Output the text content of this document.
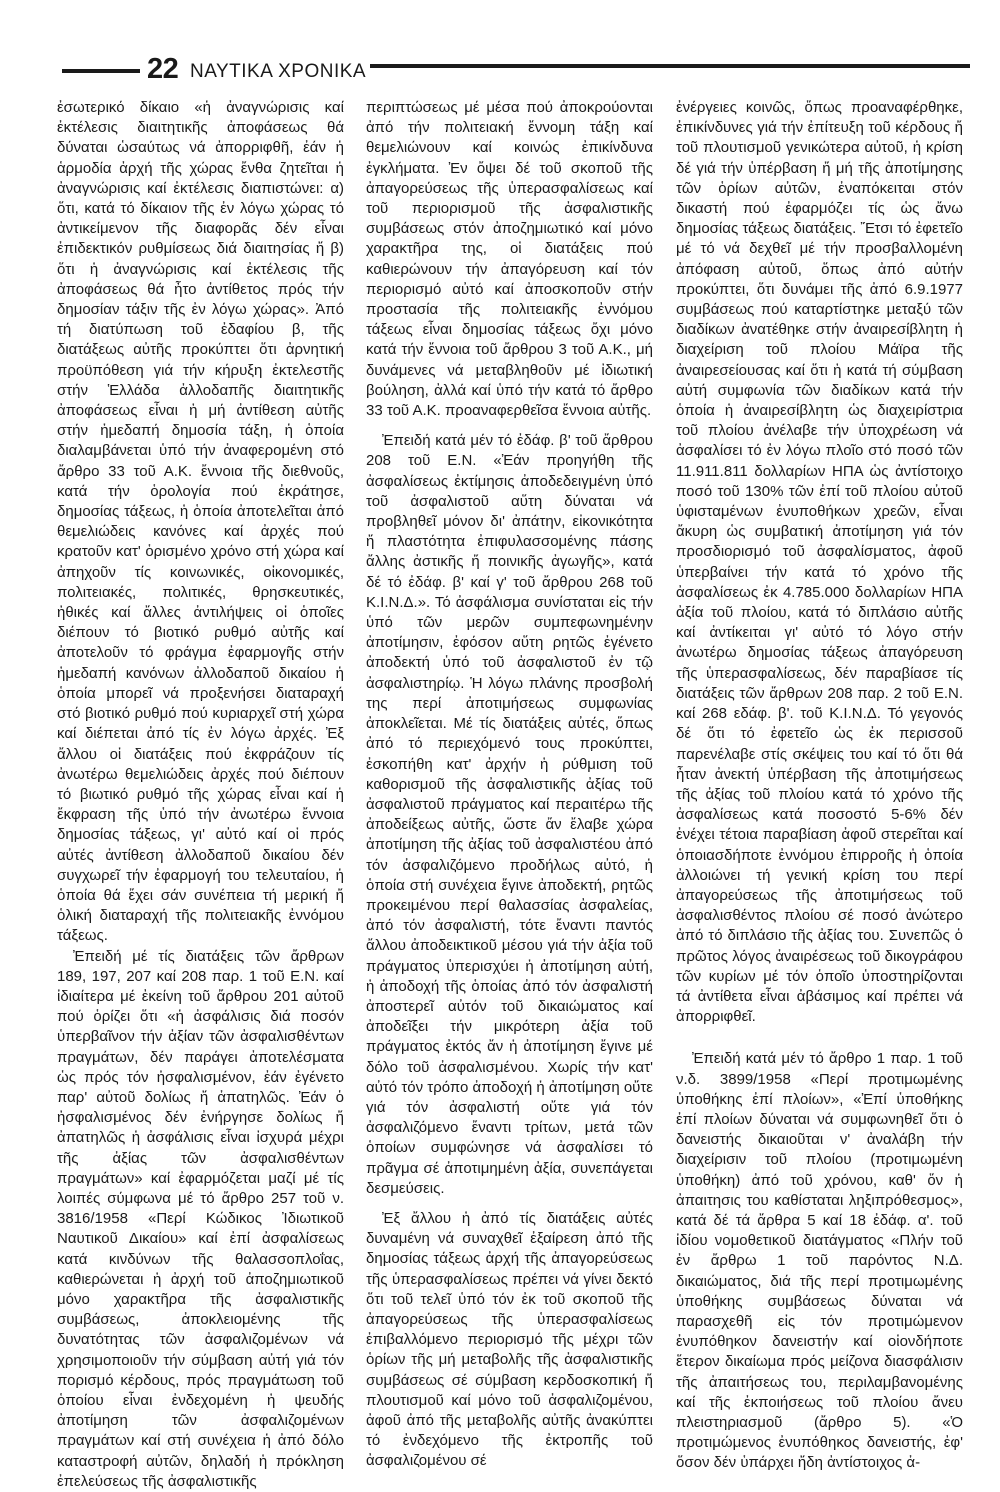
22 ΝΑΥΤΙΚΑ ΧΡΟΝΙΚΑ

ἐσωτερικό δίκαιο «ἡ ἀναγνώρισις καί ἐκτέλεσις διαιτητικῆς ἀποφάσεως θά δύναται ὡσαύτως νά ἀπορριφθῆ, ἐάν ἡ ἁρμοδία ἀρχή τῆς χώρας ἔνθα ζητεῖται ἡ ἀναγνώρισις καί ἐκτέλεσις διαπιστώνει: α) ὅτι, κατά τό δίκαιον τῆς ἐν λόγω χώρας τό ἀντικείμενον τῆς διαφορᾶς δέν εἶναι ἐπιδεκτικόν ρυθμίσεως διά διαιτησίας ἤ β) ὅτι ἡ ἀναγνώρισις καί ἐκτέλεσις τῆς ἀποφάσεως θά ἦτο ἀντίθετος πρός τήν δημοσίαν τάξιν τῆς ἐν λόγω χώρας». Ἀπό τή διατύπωση τοῦ ἐδαφίου β, τῆς διατάξεως αὐτῆς προκύπτει ὅτι ἀρνητική προϋπόθεση γιά τήν κήρυξη ἐκτελεστῆς στήν Ἑλλάδα ἀλλοδαπῆς διαιτητικῆς ἀποφάσεως εἶναι ἡ μή ἀντίθεση αὐτῆς στήν ἡμεδαπή δημοσία τάξη, ἡ ὁποία διαλαμβάνεται ὑπό τήν ἀναφερομένη στό ἄρθρο 33 τοῦ Α.Κ. ἔννοια τῆς διεθνοῦς, κατά τήν ὁρολογία πού ἐκράτησε, δημοσίας τάξεως, ἡ ὁποία ἀποτελεῖται ἀπό θεμελιώδεις κανόνες καί ἀρχές πού κρατοῦν κατ' ὁρισμένο χρόνο στή χώρα καί ἀπηχοῦν τίς κοινωνικές, οἰκονομικές, πολιτειακές, πολιτικές, θρησκευτικές, ἠθικές καί ἄλλες ἀντιλήψεις οἱ ὁποῖες διέπουν τό βιοτικό ρυθμό αὐτῆς καί ἀποτελοῦν τό φράγμα ἐφαρμογῆς στήν ἡμεδαπή κανόνων ἀλλοδαποῦ δικαίου ἡ ὁποία μπορεῖ νά προξενήσει διαταραχή στό βιοτικό ρυθμό πού κυριαρχεῖ στή χώρα καί διέπεται ἀπό τίς ἐν λόγω ἀρχές. Ἐξ ἄλλου οἱ διατάξεις πού ἐκφράζουν τίς ἀνωτέρω θεμελιώδεις ἀρχές πού διέπουν τό βιωτικό ρυθμό τῆς χώρας εἶναι καί ἡ ἔκφραση τῆς ὑπό τήν ἀνωτέρω ἔννοια δημοσίας τάξεως, γι' αὐτό καί οἱ πρός αὐτές ἀντίθεση ἀλλοδαποῦ δικαίου δέν συγχωρεῖ τήν ἐφαρμογή του τελευταίου, ἡ ὁποία θά ἔχει σάν συνέπεια τή μερική ἤ ὁλική διαταραχή τῆς πολιτειακῆς ἐννόμου τάξεως.

Ἐπειδή μέ τίς διατάξεις τῶν ἄρθρων 189, 197, 207 καί 208 παρ. 1 τοῦ Ε.Ν. καί ἰδιαίτερα μέ ἐκείνη τοῦ ἄρθρου 201 αὐτοῦ πού ὁρίζει ὅτι «ἡ ἀσφάλισις διά ποσόν ὑπερβαῖνον τήν ἀξίαν τῶν ἀσφαλισθέντων πραγμάτων, δέν παράγει ἀποτελέσματα ὡς πρός τόν ἠσφαλισμένον, ἐάν ἐγένετο παρ' αὐτοῦ δολίως ἤ ἀπατηλῶς. Ἐάν ὁ ἠσφαλισμένος δέν ἐνήργησε δολίως ἤ ἀπατηλῶς ἡ ἀσφάλισις εἶναι ἰσχυρά μέχρι τῆς ἀξίας τῶν ἀσφαλισθέντων πραγμάτων» καί ἐφαρμόζεται μαζί μέ τίς λοιπές σύμφωνα μέ τό ἄρθρο 257 τοῦ ν. 3816/1958 «Περί Κώδικος Ἰδιωτικοῦ Ναυτικοῦ Δικαίου» καί ἐπί ἀσφαλίσεως κατά κινδύνων τῆς θαλασσοπλοΐας, καθιερώνεται ἡ ἀρχή τοῦ ἀποζημιωτικοῦ μόνο χαρακτῆρα τῆς ἀσφαλιστικῆς συμβάσεως, ἀποκλειομένης τῆς δυνατότητας τῶν ἀσφαλιζομένων νά χρησιμοποιοῦν τήν σύμβαση αὐτή γιά τόν πορισμό κέρδους, πρός πραγμάτωση τοῦ ὁποίου εἶναι ἐνδεχομένη ἡ ψευδής ἀποτίμηση τῶν ἀσφαλιζομένων πραγμάτων καί στή συνέχεια ἡ ἀπό δόλο καταστροφή αὐτῶν, δηλαδή ἡ πρόκληση ἐπελεύσεως τῆς ἀσφαλιστικῆς

περιπτώσεως μέ μέσα πού ἀποκρούονται ἀπό τήν πολιτειακή ἔννομη τάξη καί θεμελιώνουν καί κοινώς ἐπικίνδυνα ἐγκλήματα. Ἐν ὄψει δέ τοῦ σκοποῦ τῆς ἀπαγορεύσεως τῆς ὑπερασφαλίσεως καί τοῦ περιορισμοῦ τῆς ἀσφαλιστικῆς συμβάσεως στόν ἀποζημιωτικό καί μόνο χαρακτῆρα της, οἱ διατάξεις πού καθιερώνουν τήν ἀπαγόρευση καί τόν περιορισμό αὐτό καί ἀποσκοποῦν στήν προστασία τῆς πολιτειακῆς ἐννόμου τάξεως εἶναι δημοσίας τάξεως ὄχι μόνο κατά τήν ἔννοια τοῦ ἄρθρου 3 τοῦ Α.Κ., μή δυνάμενες νά μεταβληθοῦν μέ ἰδιωτική βούληση, ἀλλά καί ὑπό τήν κατά τό ἄρθρο 33 τοῦ Α.Κ. προαναφερθεῖσα ἔννοια αὐτῆς.

Ἐπειδή κατά μέν τό ἐδάφ. β' τοῦ ἄρθρου 208 τοῦ Ε.Ν. «Ἐάν προηγήθη τῆς ἀσφαλίσεως ἐκτίμησις ἀποδεδειγμένη ὑπό τοῦ ἀσφαλιστοῦ αὕτη δύναται νά προβληθεῖ μόνον δι' ἀπάτην, εἰκονικότητα ἤ πλαστότητα ἐπιφυλασσομένης πάσης ἄλλης ἀστικῆς ἤ ποινικῆς ἀγωγῆς», κατά δέ τό ἐδάφ. β' καί γ' τοῦ ἄρθρου 268 τοῦ Κ.Ι.Ν.Δ.». Τό ἀσφάλισμα συνίσταται εἰς τήν ὑπό τῶν μερῶν συμπεφωνημένην ἀποτίμησιν, ἐφόσον αὕτη ρητῶς ἐγένετο ἀποδεκτή ὑπό τοῦ ἀσφαλιστοῦ ἐν τῷ ἀσφαλιστηρίῳ. Ἡ λόγω πλάνης προσβολή της περί ἀποτιμήσεως συμφωνίας ἀποκλεῖεται. Μέ τίς διατάξεις αὐτές, ὅπως ἀπό τό περιεχόμενό τους προκύπτει, ἐσκοπήθη κατ' ἀρχήν ἡ ρύθμιση τοῦ καθορισμοῦ τῆς ἀσφαλιστικῆς ἀξίας τοῦ ἀσφαλιστοῦ πράγματος καί περαιτέρω τῆς ἀποδείξεως αὐτῆς, ὥστε ἄν ἔλαβε χώρα ἀποτίμηση τῆς ἀξίας τοῦ ἀσφαλιστέου ἀπό τόν ἀσφαλιζόμενο προδήλως αὐτό, ἡ ὁποία στή συνέχεια ἔγινε ἀποδεκτή, ρητῶς προκειμένου περί θαλασσίας ἀσφαλείας, ἀπό τόν ἀσφαλιστή, τότε ἔναντι παντός ἄλλου ἀποδεικτικοῦ μέσου γιά τήν ἀξία τοῦ πράγματος ὑπερισχύει ἡ ἀποτίμηση αὐτή, ἡ ἀποδοχή τῆς ὁποίας ἀπό τόν ἀσφαλιστή ἀποστερεῖ αὐτόν τοῦ δικαιώματος καί ἀποδεῖξει τήν μικρότερη ἀξία τοῦ πράγματος ἐκτός ἄν ἡ ἀποτίμηση ἔγινε μέ δόλο τοῦ ἀσφαλισμένου. Χωρίς τήν κατ' αὐτό τόν τρόπο ἀποδοχή ἡ ἀποτίμηση οὔτε γιά τόν ἀσφαλιστή οὔτε γιά τόν ἀσφαλιζόμενο ἔναντι τρίτων, μετά τῶν ὁποίων συμφώνησε νά ἀσφαλίσει τό πρᾶγμα σέ ἀποτιμημένη ἀξία, συνεπάγεται δεσμεύσεις.

Ἐξ ἄλλου ἡ ἀπό τίς διατάξεις αὐτές δυναμένη νά συναχθεῖ ἐξαίρεση ἀπό τῆς δημοσίας τάξεως ἀρχή τῆς ἀπαγορεύσεως τῆς ὑπερασφαλίσεως πρέπει νά γίνει δεκτό ὅτι τοῦ τελεῖ ὑπό τόν ἐκ τοῦ σκοποῦ τῆς ἀπαγορεύσεως τῆς ὑπερασφαλίσεως ἐπιβαλλόμενο περιορισμό τῆς μέχρι τῶν ὁρίων τῆς μή μεταβολῆς τῆς ἀσφαλιστικῆς συμβάσεως σέ σύμβαση κερδοσκοπική ἤ πλουτισμοῦ καί μόνο τοῦ ἀσφαλιζομένου, ἀφοῦ ἀπό τῆς μεταβολῆς αὐτῆς ἀνακύπτει τό ἐνδεχόμενο τῆς ἐκτροπῆς τοῦ ἀσφαλιζομένου σέ

ἐνέργειες κοινῶς, ὅπως προαναφέρθηκε, ἐπικίνδυνες γιά τήν ἐπίτευξη τοῦ κέρδους ἤ τοῦ πλουτισμοῦ γενικώτερα αὐτοῦ, ἡ κρίση δέ γιά τήν ὑπέρβαση ἤ μή τῆς ἀποτίμησης τῶν ὁρίων αὐτῶν, ἐναπόκειται στόν δικαστή πού ἐφαρμόζει τίς ὡς ἄνω δημοσίας τάξεως διατάξεις. Ἔτσι τό ἐφετεῖο μέ τό νά δεχθεῖ μέ τήν προσβαλλομένη ἀπόφαση αὐτοῦ, ὅπως ἀπό αὐτήν προκύπτει, ὅτι δυνάμει τῆς ἀπό 6.9.1977 συμβάσεως πού καταρτίστηκε μεταξύ τῶν διαδίκων ἀνατέθηκε στήν ἀναιρεσίβλητη ἡ διαχείριση τοῦ πλοίου Μάϊρα τῆς ἀναιρεσείουσας καί ὅτι ἡ κατά τή σύμβαση αὐτή συμφωνία τῶν διαδίκων κατά τήν ὁποία ἡ ἀναιρεσίβλητη ὡς διαχειρίστρια τοῦ πλοίου ἀνέλαβε τήν ὑποχρέωση νά ἀσφαλίσει τό ἐν λόγω πλοῖο στό ποσό τῶν 11.911.811 δολλαρίων ΗΠΑ ὡς ἀντίστοιχο ποσό τοῦ 130% τῶν ἐπί τοῦ πλοίου αὐτοῦ ὑφισταμένων ἐνυποθήκων χρεῶν, εἶναι ἄκυρη ὡς συμβατική ἀποτίμηση γιά τόν προσδιορισμό τοῦ ἀσφαλίσματος, ἀφοῦ ὑπερβαίνει τήν κατά τό χρόνο τῆς ἀσφαλίσεως ἐκ 4.785.000 δολλαρίων ΗΠΑ ἀξία τοῦ πλοίου, κατά τό διπλάσιο αὐτῆς καί ἀντίκειται γι' αὐτό τό λόγο στήν ἀνωτέρω δημοσίας τάξεως ἀπαγόρευση τῆς ὑπερασφαλίσεως, δέν παραβίασε τίς διατάξεις τῶν ἄρθρων 208 παρ. 2 τοῦ Ε.Ν. καί 268 εδάφ. β'. τοῦ Κ.Ι.Ν.Δ. Τό γεγονός δέ ὅτι τό ἐφετεῖο ὡς ἐκ περισσοῦ παρενέλαβε στίς σκέψεις του καί τό ὅτι θά ἦταν ἀνεκτή ὑπέρβαση τῆς ἀποτιμήσεως τῆς ἀξίας τοῦ πλοίου κατά τό χρόνο τῆς ἀσφαλίσεως κατά ποσοστό 5-6% δέν ἐνέχει τέτοια παραβίαση ἀφοῦ στερεῖται καί ὁποιασδήποτε ἐννόμου ἐπιρροῆς ἡ ὁποία ἀλλοιώνει τή γενική κρίση του περί ἀπαγορεύσεως τῆς ἀποτιμήσεως τοῦ ἀσφαλισθέντος πλοίου σέ ποσό ἀνώτερο ἀπό τό διπλάσιο τῆς ἀξίας του. Συνεπῶς ὁ πρῶτος λόγος ἀναιρέσεως τοῦ δικογράφου τῶν κυρίων μέ τόν ὁποῖο ὑποστηρίζονται τά ἀντίθετα εἶναι ἀβάσιμος καί πρέπει νά ἀπορριφθεῖ.

Ἐπειδή κατά μέν τό ἄρθρο 1 παρ. 1 τοῦ ν.δ. 3899/1958 «Περί προτιμωμένης ὑποθήκης ἐπί πλοίων», «Ἐπί ὑποθήκης ἐπί πλοίων δύναται νά συμφωνηθεῖ ὅτι ὁ δανειστής δικαιοῦται ν' ἀναλάβη τήν διαχείρισιν τοῦ πλοίου (προτιμωμένη ὑποθήκη) ἀπό τοῦ χρόνου, καθ' ὅν ἡ ἀπαιτησις του καθίσταται ληξιπρόθεσμος», κατά δέ τά ἄρθρα 5 καί 18 ἐδάφ. α'. τοῦ ἰδίου νομοθετικοῦ διατάγματος «Πλήν τοῦ ἐν ἄρθρω 1 τοῦ παρόντος Ν.Δ. δικαιώματος, διά τῆς περί προτιμωμένης ὑποθήκης συμβάσεως δύναται νά παρασχεθῆ εἰς τόν προτιμώμενον ἐνυπόθηκον δανειστήν καί οἱονδήποτε ἕτερον δικαίωμα πρός μείζονα διασφάλισιν τῆς ἀπαιτήσεως του, περιλαμβανομένης καί τῆς ἐκποιήσεως τοῦ πλοίου ἄνευ πλειστηριασμοῦ (ἄρθρο 5). «Ὁ προτιμώμενος ἐνυπόθηκος δανειστής, ἐφ' ὅσον δέν ὑπάρχει ἤδη ἀντίστοιχος ἀ-
